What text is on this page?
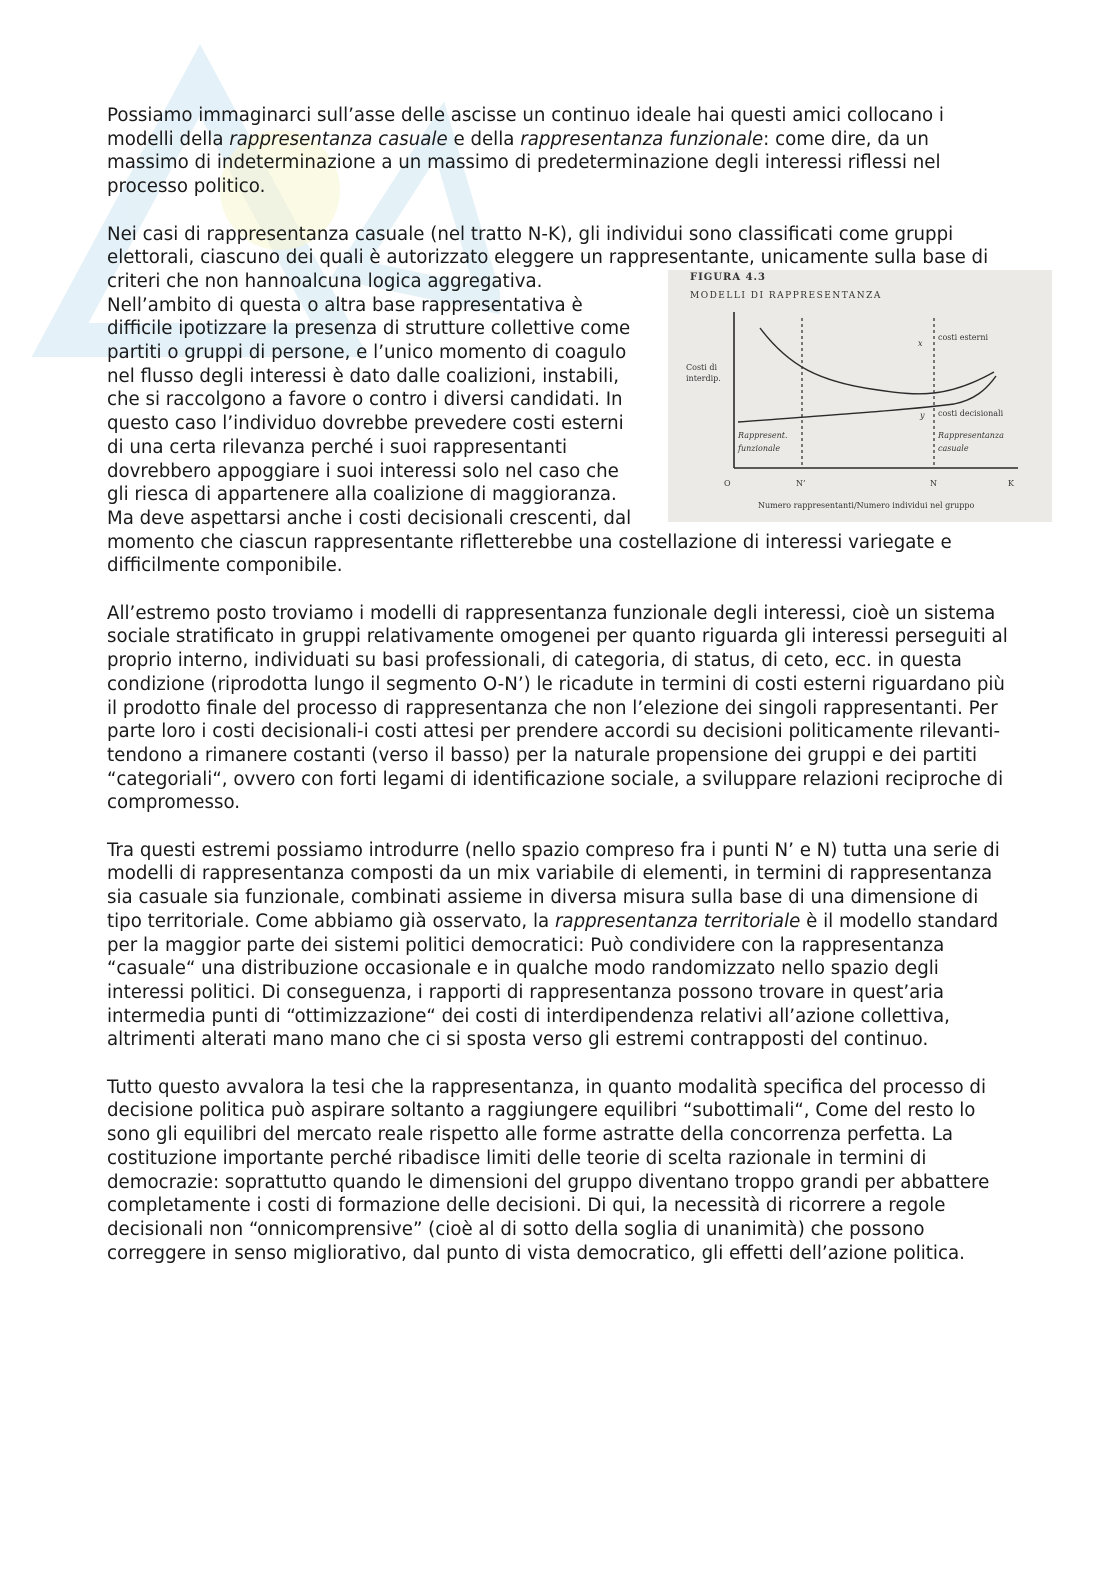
Possiamo immaginarci sull’asse delle ascisse un continuo ideale hai questi amici collocano i modelli della rappresentanza casuale e della rappresentanza funzionale: come dire, da un massimo di indeterminazione a un massimo di predeterminazione degli interessi riflessi nel processo politico.

Nei casi di rappresentanza casuale (nel tratto N-K), gli individui sono classificati come gruppi elettorali, ciascuno dei quali è autorizzato eleggere un rappresentante, unicamente sulla base di criteri che non hanno	FIGURA 4.3
MODELLI DI RAPPRESENTANZA
Costi di
interdip.
costi esterni
costi decisionali
x
y
Rappresent.
funzionale
Rappresentanza
casuale
O	N’	N	K
Numero rappresentanti/Numero individui nel gruppo
alcuna logica aggregativa. Nell’ambito di questa o altra base rappresentativa è difficile ipotizzare la presenza di strutture collettive come partiti o gruppi di persone, e l’unico momento di coagulo nel flusso degli interessi è dato dalle coalizioni, instabili, che si raccolgono a favore o contro i diversi candidati. In questo caso l’individuo dovrebbe prevedere costi esterni di una certa rilevanza perché i suoi rappresentanti dovrebbero appoggiare i suoi interessi solo nel caso che gli riesca di appartenere alla coalizione di maggioranza. Ma deve aspettarsi anche i costi decisionali crescenti, dal momento che ciascun rappresentante rifletterebbe una costellazione di interessi variegate e difficilmente componibile.

All’estremo posto troviamo i modelli di rappresentanza funzionale degli interessi, cioè un sistema sociale stratificato in gruppi relativamente omogenei per quanto riguarda gli interessi perseguiti al proprio interno, individuati su basi professionali, di categoria, di status, di ceto, ecc. in questa condizione (riprodotta lungo il segmento O-N’) le ricadute in termini di costi esterni riguardano più il prodotto finale del processo di rappresentanza che non l’elezione dei singoli rappresentanti. Per parte loro i costi decisionali-i costi attesi per prendere accordi su decisioni politicamente rilevanti- tendono a rimanere costanti (verso il basso) per la naturale propensione dei gruppi e dei partiti “categoriali“, ovvero con forti legami di identificazione sociale, a sviluppare relazioni reciproche di compromesso.

Tra questi estremi possiamo introdurre (nello spazio compreso fra i punti N’ e N) tutta una serie di modelli di rappresentanza composti da un mix variabile di elementi, in termini di rappresentanza sia casuale sia funzionale, combinati assieme in diversa misura sulla base di una dimensione di tipo territoriale. Come abbiamo già osservato, la rappresentanza territoriale è il modello standard per la maggior parte dei sistemi politici democratici: Può condividere con la rappresentanza “casuale“ una distribuzione occasionale e in qualche modo randomizzato nello spazio degli interessi politici. Di conseguenza, i rapporti di rappresentanza possono trovare in quest’aria intermedia punti di “ottimizzazione“ dei costi di interdipendenza relativi all’azione collettiva, altrimenti alterati mano mano che ci si sposta verso gli estremi contrapposti del continuo.

Tutto questo avvalora la tesi che la rappresentanza, in quanto modalità specifica del processo di decisione politica può aspirare soltanto a raggiungere equilibri “subottimali“, Come del resto lo sono gli equilibri del mercato reale rispetto alle forme astratte della concorrenza perfetta. La costituzione importante perché ribadisce limiti delle teorie di scelta razionale in termini di democrazie: soprattutto quando le dimensioni del gruppo diventano troppo grandi per abbattere completamente i costi di formazione delle decisioni. Di qui, la necessità di ricorrere a regole decisionali non “onnicomprensive” (cioè al di sotto della soglia di unanimità) che possono correggere in senso migliorativo, dal punto di vista democratico, gli effetti dell’azione politica.
